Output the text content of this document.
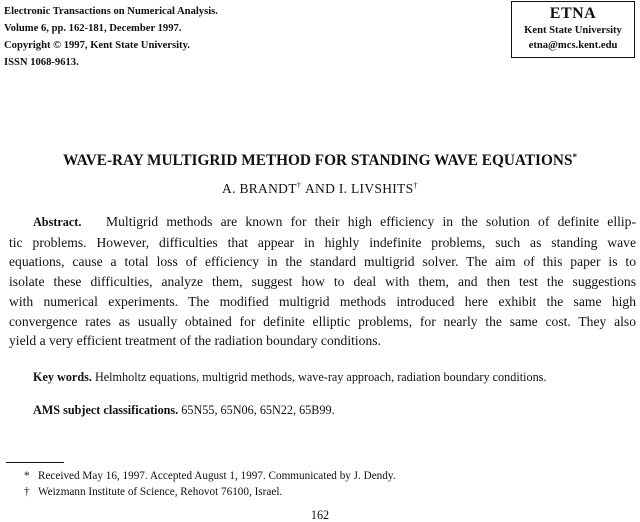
Electronic Transactions on Numerical Analysis.
Volume 6, pp. 162-181, December 1997.
Copyright © 1997, Kent State University.
ISSN 1068-9613.
ETNA
Kent State University
etna@mcs.kent.edu
WAVE-RAY MULTIGRID METHOD FOR STANDING WAVE EQUATIONS*
A. BRANDT† AND I. LIVSHITS†
Abstract. Multigrid methods are known for their high efficiency in the solution of definite ellip-
tic problems. However, difficulties that appear in highly indefinite problems, such as standing wave
equations, cause a total loss of efficiency in the standard multigrid solver. The aim of this paper is to
isolate these difficulties, analyze them, suggest how to deal with them, and then test the suggestions
with numerical experiments. The modified multigrid methods introduced here exhibit the same high
convergence rates as usually obtained for definite elliptic problems, for nearly the same cost. They also
yield a very efficient treatment of the radiation boundary conditions.
Key words. Helmholtz equations, multigrid methods, wave-ray approach, radiation boundary conditions.
AMS subject classifications. 65N55, 65N06, 65N22, 65B99.
* Received May 16, 1997. Accepted August 1, 1997. Communicated by J. Dendy.
† Weizmann Institute of Science, Rehovot 76100, Israel.
162
